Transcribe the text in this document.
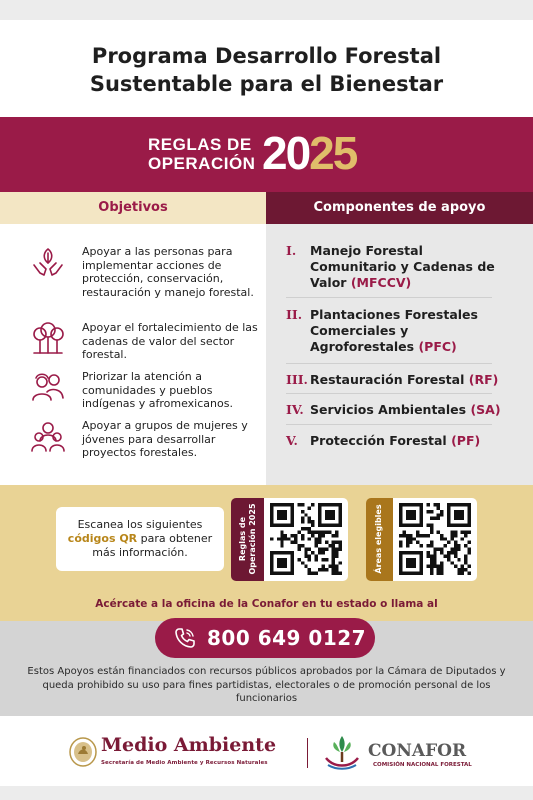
Programa Desarrollo Forestal
Sustentable para el Bienestar
REGLAS DE
OPERACIÓN 2025
Objetivos	Componentes de apoyo
Apoyar a las personas para implementar acciones de protección, conservación, restauración y manejo forestal.
Apoyar el fortalecimiento de las cadenas de valor del sector forestal.
Priorizar la atención a comunidades y pueblos indígenas y afromexicanos.
Apoyar a grupos de mujeres y jóvenes para desarrollar proyectos forestales.
I. Manejo Forestal Comunitario y Cadenas de Valor (MFCCV)
II. Plantaciones Forestales Comerciales y Agroforestales (PFC)
III. Restauración Forestal (RF)
IV. Servicios Ambientales (SA)
V. Protección Forestal (PF)
Escanea los siguientes
códigos QR para obtener más información.	Reglas de Operación 2025	Áreas elegibles
Acércate a la oficina de la Conafor en tu estado o llama al
800 649 0127
Estos Apoyos están financiados con recursos públicos aprobados por la Cámara de Diputados y queda prohibido su uso para fines partidistas, electorales o de promoción personal de los funcionarios
Medio Ambiente
Secretaría de Medio Ambiente y Recursos Naturales
CONAFOR
COMISIÓN NACIONAL FORESTAL
